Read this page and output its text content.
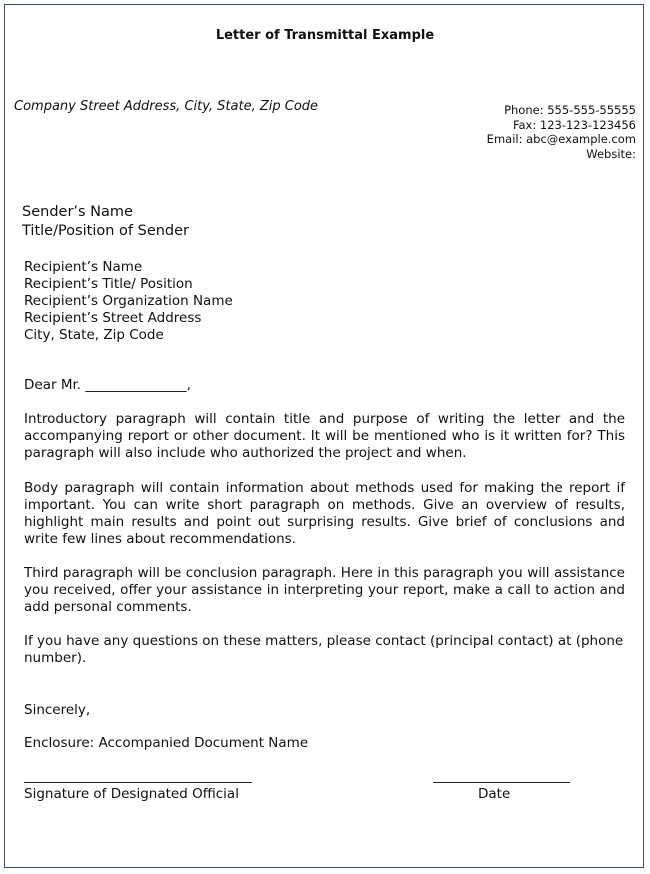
Letter of Transmittal Example
Company Street Address, City, State, Zip Code	Phone: 555-555-55555
Fax: 123-123-123456
Email: abc@example.com
Website:
Sender’s Name
Title/Position of Sender
Recipient’s Name
Recipient’s Title/ Position
Recipient’s Organization Name
Recipient’s Street Address
City, State, Zip Code
Dear Mr. _______________,

Introductory paragraph will contain title and purpose of writing the letter and the accompanying report or other document. It will be mentioned who is it written for? This paragraph will also include who authorized the project and when.

Body paragraph will contain information about methods used for making the report if important. You can write short paragraph on methods. Give an overview of results, highlight main results and point out surprising results. Give brief of conclusions and write few lines about recommendations.

Third paragraph will be conclusion paragraph. Here in this paragraph you will assistance you received, offer your assistance in interpreting your report, make a call to action and add personal comments.

If you have any questions on these matters, please contact (principal contact) at (phone number).

Sincerely,
Enclosure: Accompanied Document Name
Signature of Designated Official	Date
